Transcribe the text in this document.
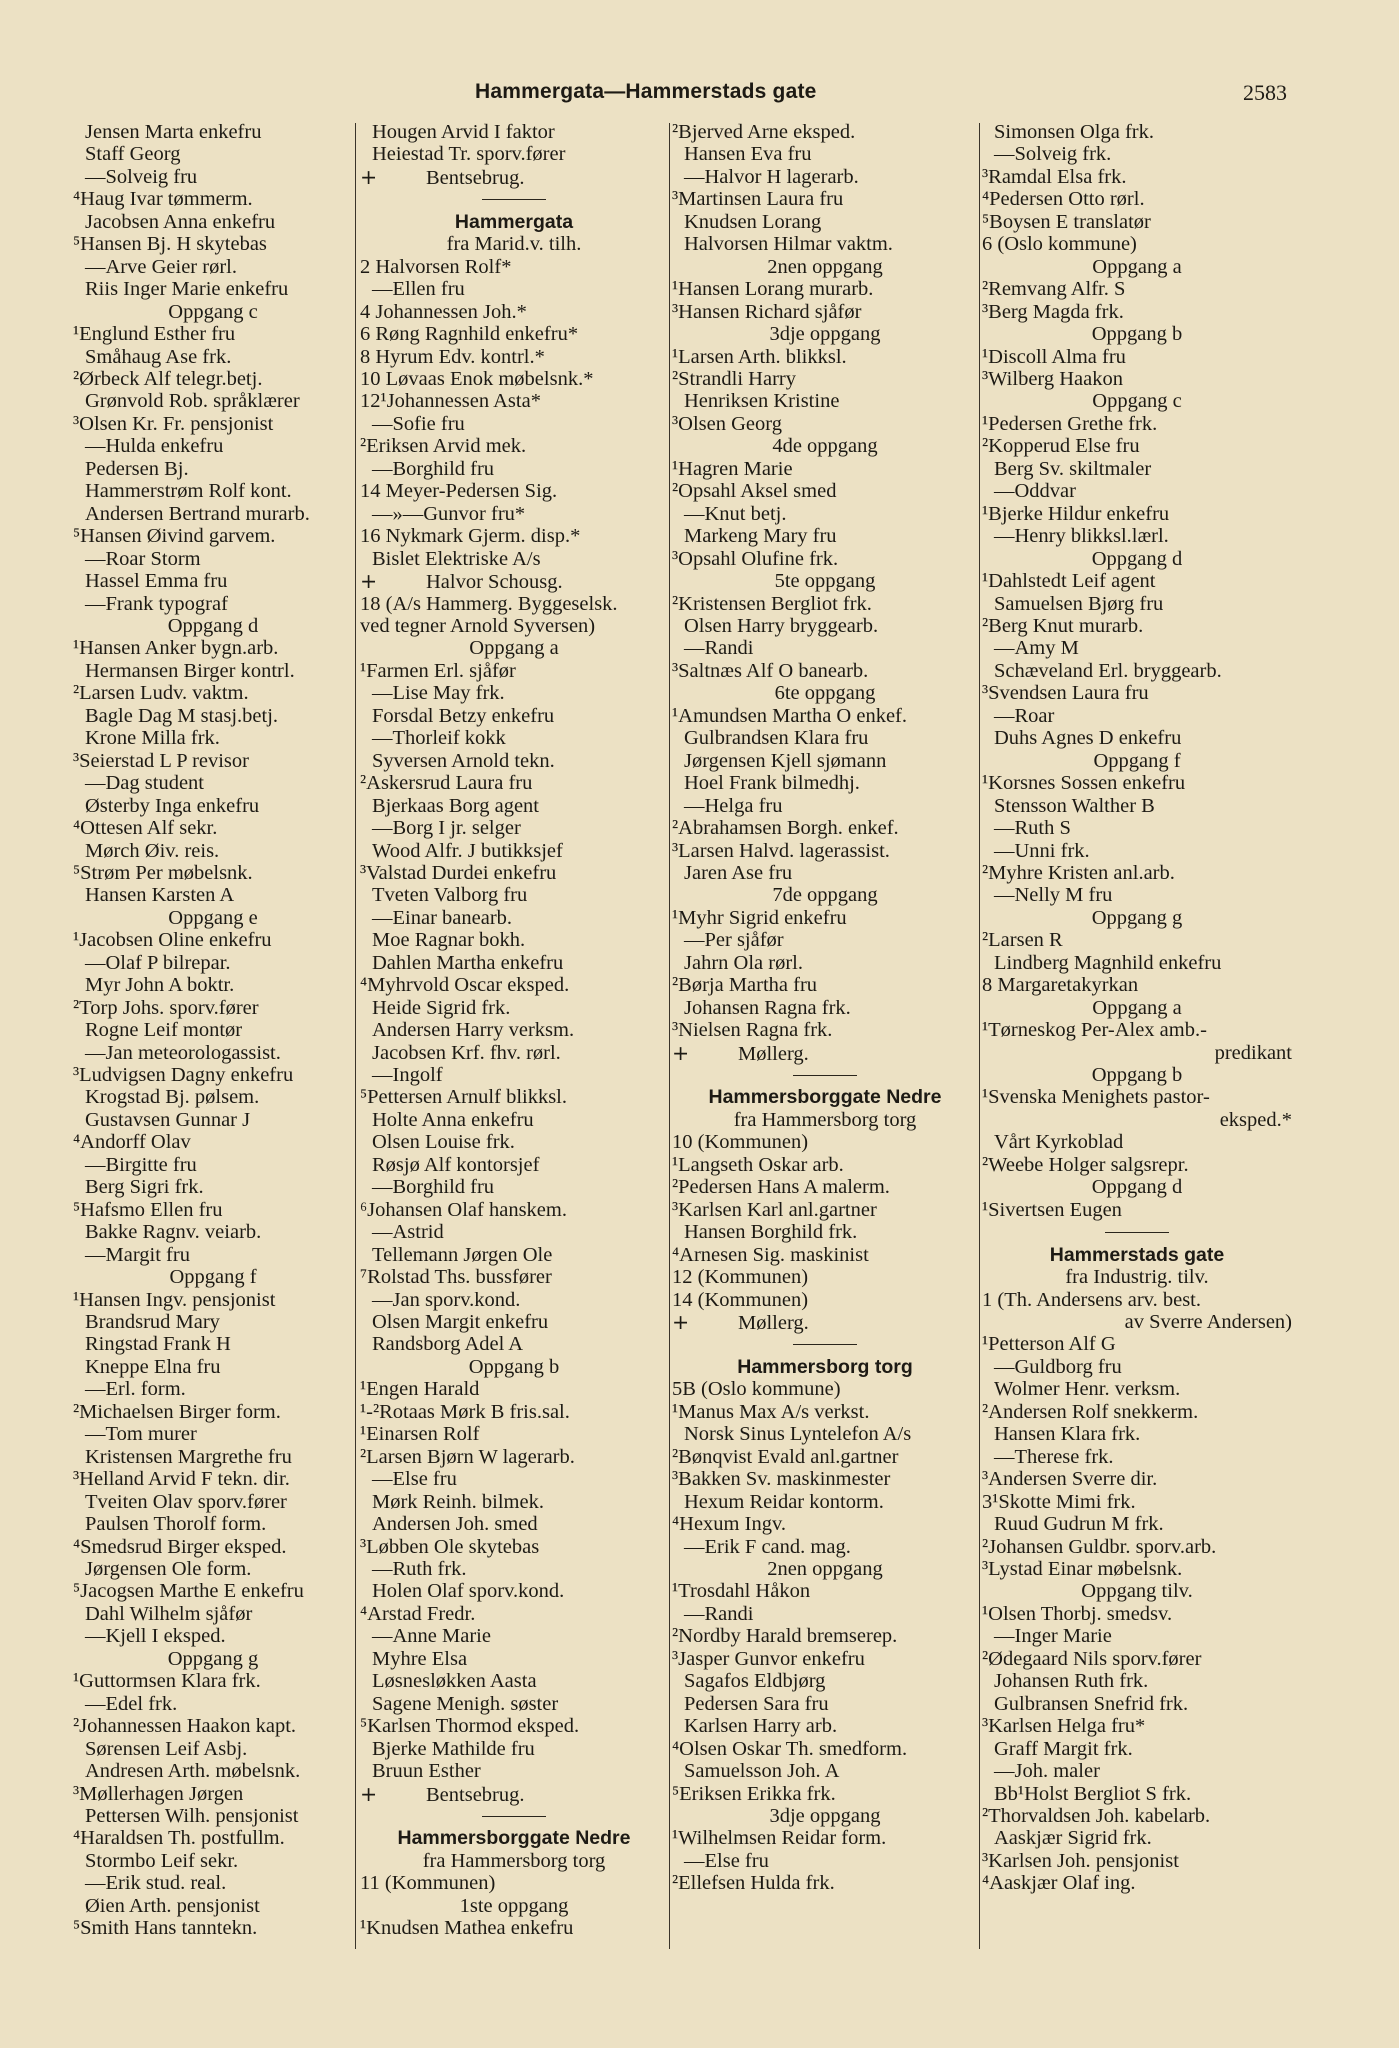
Hammergata—Hammerstads gate	2583
Jensen Marta enkefru
Staff Georg
—Solveig fru
⁴Haug Ivar tømmerm.
Jacobsen Anna enkefru
⁵Hansen Bj. H skytebas
—Arve Geier rørl.
Riis Inger Marie enkefru
Oppgang c
¹Englund Esther fru
Småhaug Ase frk.
²Ørbeck Alf telegr.betj.
Grønvold Rob. språklærer
³Olsen Kr. Fr. pensjonist
—Hulda enkefru
Pedersen Bj.
Hammerstrøm Rolf kont.
Andersen Bertrand murarb.
⁵Hansen Øivind garvem.
—Roar Storm
Hassel Emma fru
—Frank typograf
Oppgang d
¹Hansen Anker bygn.arb.
Hermansen Birger kontrl.
²Larsen Ludv. vaktm.
Bagle Dag M stasj.betj.
Krone Milla frk.
³Seierstad L P revisor
—Dag student
Østerby Inga enkefru
⁴Ottesen Alf sekr.
Mørch Øiv. reis.
⁵Strøm Per møbelsnk.
Hansen Karsten A
Oppgang e
¹Jacobsen Oline enkefru
—Olaf P bilrepar.
Myr John A boktr.
²Torp Johs. sporv.fører
Rogne Leif montør
—Jan meteorologassist.
³Ludvigsen Dagny enkefru
Krogstad Bj. pølsem.
Gustavsen Gunnar J
⁴Andorff Olav
—Birgitte fru
Berg Sigri frk.
⁵Hafsmo Ellen fru
Bakke Ragnv. veiarb.
—Margit fru
Oppgang f
¹Hansen Ingv. pensjonist
Brandsrud Mary
Ringstad Frank H
Kneppe Elna fru
—Erl. form.
²Michaelsen Birger form.
—Tom murer
Kristensen Margrethe fru
³Helland Arvid F tekn. dir.
Tveiten Olav sporv.fører
Paulsen Thorolf form.
⁴Smedsrud Birger eksped.
Jørgensen Ole form.
⁵Jacogsen Marthe E enkefru
Dahl Wilhelm sjåfør
—Kjell I eksped.
Oppgang g
¹Guttormsen Klara frk.
—Edel frk.
²Johannessen Haakon kapt.
Sørensen Leif Asbj.
Andresen Arth. møbelsnk.
³Møllerhagen Jørgen
Pettersen Wilh. pensjonist
⁴Haraldsen Th. postfullm.
Stormbo Leif sekr.
—Erik stud. real.
Øien Arth. pensjonist
⁵Smith Hans tanntekn.
Hougen Arvid I faktor
Heiestad Tr. sporv.fører
+ Bentsebrug.
Hammergata
fra Marid.v. tilh.
2 Halvorsen Rolf*
—Ellen fru
4 Johannessen Joh.*
6 Røng Ragnhild enkefru*
8 Hyrum Edv. kontrl.*
10 Løvaas Enok møbelsnk.*
12¹Johannessen Asta*
—Sofie fru
²Eriksen Arvid mek.
—Borghild fru
14 Meyer-Pedersen Sig.
—»—Gunvor fru*
16 Nykmark Gjerm. disp.*
Bislet Elektriske A/s
+ Halvor Schousg.
18 (A/s Hammerg. Byggeselsk.
ved tegner Arnold Syversen)
Oppgang a
¹Farmen Erl. sjåfør
—Lise May frk.
Forsdal Betzy enkefru
—Thorleif kokk
Syversen Arnold tekn.
²Askersrud Laura fru
Bjerkaas Borg agent
—Borg I jr. selger
Wood Alfr. J butikksjef
³Valstad Durdei enkefru
Tveten Valborg fru
—Einar banearb.
Moe Ragnar bokh.
Dahlen Martha enkefru
⁴Myhrvold Oscar eksped.
Heide Sigrid frk.
Andersen Harry verksm.
Jacobsen Krf. fhv. rørl.
—Ingolf
⁵Pettersen Arnulf blikksl.
Holte Anna enkefru
Olsen Louise frk.
Røsjø Alf kontorsjef
—Borghild fru
⁶Johansen Olaf hanskem.
—Astrid
Tellemann Jørgen Ole
⁷Rolstad Ths. bussfører
—Jan sporv.kond.
Olsen Margit enkefru
Randsborg Adel A
Oppgang b
¹Engen Harald
¹‑²Rotaas Mørk B fris.sal.
¹Einarsen Rolf
²Larsen Bjørn W lagerarb.
—Else fru
Mørk Reinh. bilmek.
Andersen Joh. smed
³Løbben Ole skytebas
—Ruth frk.
Holen Olaf sporv.kond.
⁴Arstad Fredr.
—Anne Marie
Myhre Elsa
Løsnesløkken Aasta
Sagene Menigh. søster
⁵Karlsen Thormod eksped.
Bjerke Mathilde fru
Bruun Esther
+ Bentsebrug.
Hammersborggate Nedre
fra Hammersborg torg
11 (Kommunen)
1ste oppgang
¹Knudsen Mathea enkefru
²Bjerved Arne eksped.
Hansen Eva fru
—Halvor H lagerarb.
³Martinsen Laura fru
Knudsen Lorang
Halvorsen Hilmar vaktm.
2nen oppgang
¹Hansen Lorang murarb.
³Hansen Richard sjåfør
3dje oppgang
¹Larsen Arth. blikksl.
²Strandli Harry
Henriksen Kristine
³Olsen Georg
4de oppgang
¹Hagren Marie
²Opsahl Aksel smed
—Knut betj.
Markeng Mary fru
³Opsahl Olufine frk.
5te oppgang
²Kristensen Bergliot frk.
Olsen Harry bryggearb.
—Randi
³Saltnæs Alf O banearb.
6te oppgang
¹Amundsen Martha O enkef.
Gulbrandsen Klara fru
Jørgensen Kjell sjømann
Hoel Frank bilmedhj.
—Helga fru
²Abrahamsen Borgh. enkef.
³Larsen Halvd. lagerassist.
Jaren Ase fru
7de oppgang
¹Myhr Sigrid enkefru
—Per sjåfør
Jahrn Ola rørl.
²Børja Martha fru
Johansen Ragna frk.
³Nielsen Ragna frk.
+ Møllerg.
Hammersborggate Nedre
fra Hammersborg torg
10 (Kommunen)
¹Langseth Oskar arb.
²Pedersen Hans A malerm.
³Karlsen Karl anl.gartner
Hansen Borghild frk.
⁴Arnesen Sig. maskinist
12 (Kommunen)
14 (Kommunen)
+ Møllerg.
Hammersborg torg
5B (Oslo kommune)
¹Manus Max A/s verkst.
Norsk Sinus Lyntelefon A/s
²Bønqvist Evald anl.gartner
³Bakken Sv. maskinmester
Hexum Reidar kontorm.
⁴Hexum Ingv.
—Erik F cand. mag.
2nen oppgang
¹Trosdahl Håkon
—Randi
²Nordby Harald bremserep.
³Jasper Gunvor enkefru
Sagafos Eldbjørg
Pedersen Sara fru
Karlsen Harry arb.
⁴Olsen Oskar Th. smedform.
Samuelsson Joh. A
⁵Eriksen Erikka frk.
3dje oppgang
¹Wilhelmsen Reidar form.
—Else fru
²Ellefsen Hulda frk.
Simonsen Olga frk.
—Solveig frk.
³Ramdal Elsa frk.
⁴Pedersen Otto rørl.
⁵Boysen E translatør
6 (Oslo kommune)
Oppgang a
²Remvang Alfr. S
³Berg Magda frk.
Oppgang b
¹Discoll Alma fru
³Wilberg Haakon
Oppgang c
¹Pedersen Grethe frk.
²Kopperud Else fru
Berg Sv. skiltmaler
—Oddvar
¹Bjerke Hildur enkefru
—Henry blikksl.lærl.
Oppgang d
¹Dahlstedt Leif agent
Samuelsen Bjørg fru
²Berg Knut murarb.
—Amy M
Schæveland Erl. bryggearb.
³Svendsen Laura fru
—Roar
Duhs Agnes D enkefru
Oppgang f
¹Korsnes Sossen enkefru
Stensson Walther B
—Ruth S
—Unni frk.
²Myhre Kristen anl.arb.
—Nelly M fru
Oppgang g
²Larsen R
Lindberg Magnhild enkefru
8 Margaretakyrkan
Oppgang a
¹Tørneskog Per-Alex amb.-
predikant
Oppgang b
¹Svenska Menighets pastor-
eksped.*
Vårt Kyrkoblad
²Weebe Holger salgsrepr.
Oppgang d
¹Sivertsen Eugen
Hammerstads gate
fra Industrig. tilv.
1 (Th. Andersens arv. best.
av Sverre Andersen)
¹Petterson Alf G
—Guldborg fru
Wolmer Henr. verksm.
²Andersen Rolf snekkerm.
Hansen Klara frk.
—Therese frk.
³Andersen Sverre dir.
3¹Skotte Mimi frk.
Ruud Gudrun M frk.
²Johansen Guldbr. sporv.arb.
³Lystad Einar møbelsnk.
Oppgang tilv.
¹Olsen Thorbj. smedsv.
—Inger Marie
²Ødegaard Nils sporv.fører
Johansen Ruth frk.
Gulbransen Snefrid frk.
³Karlsen Helga fru*
Graff Margit frk.
—Joh. maler
Bb¹Holst Bergliot S frk.
²Thorvaldsen Joh. kabelarb.
Aaskjær Sigrid frk.
³Karlsen Joh. pensjonist
⁴Aaskjær Olaf ing.
